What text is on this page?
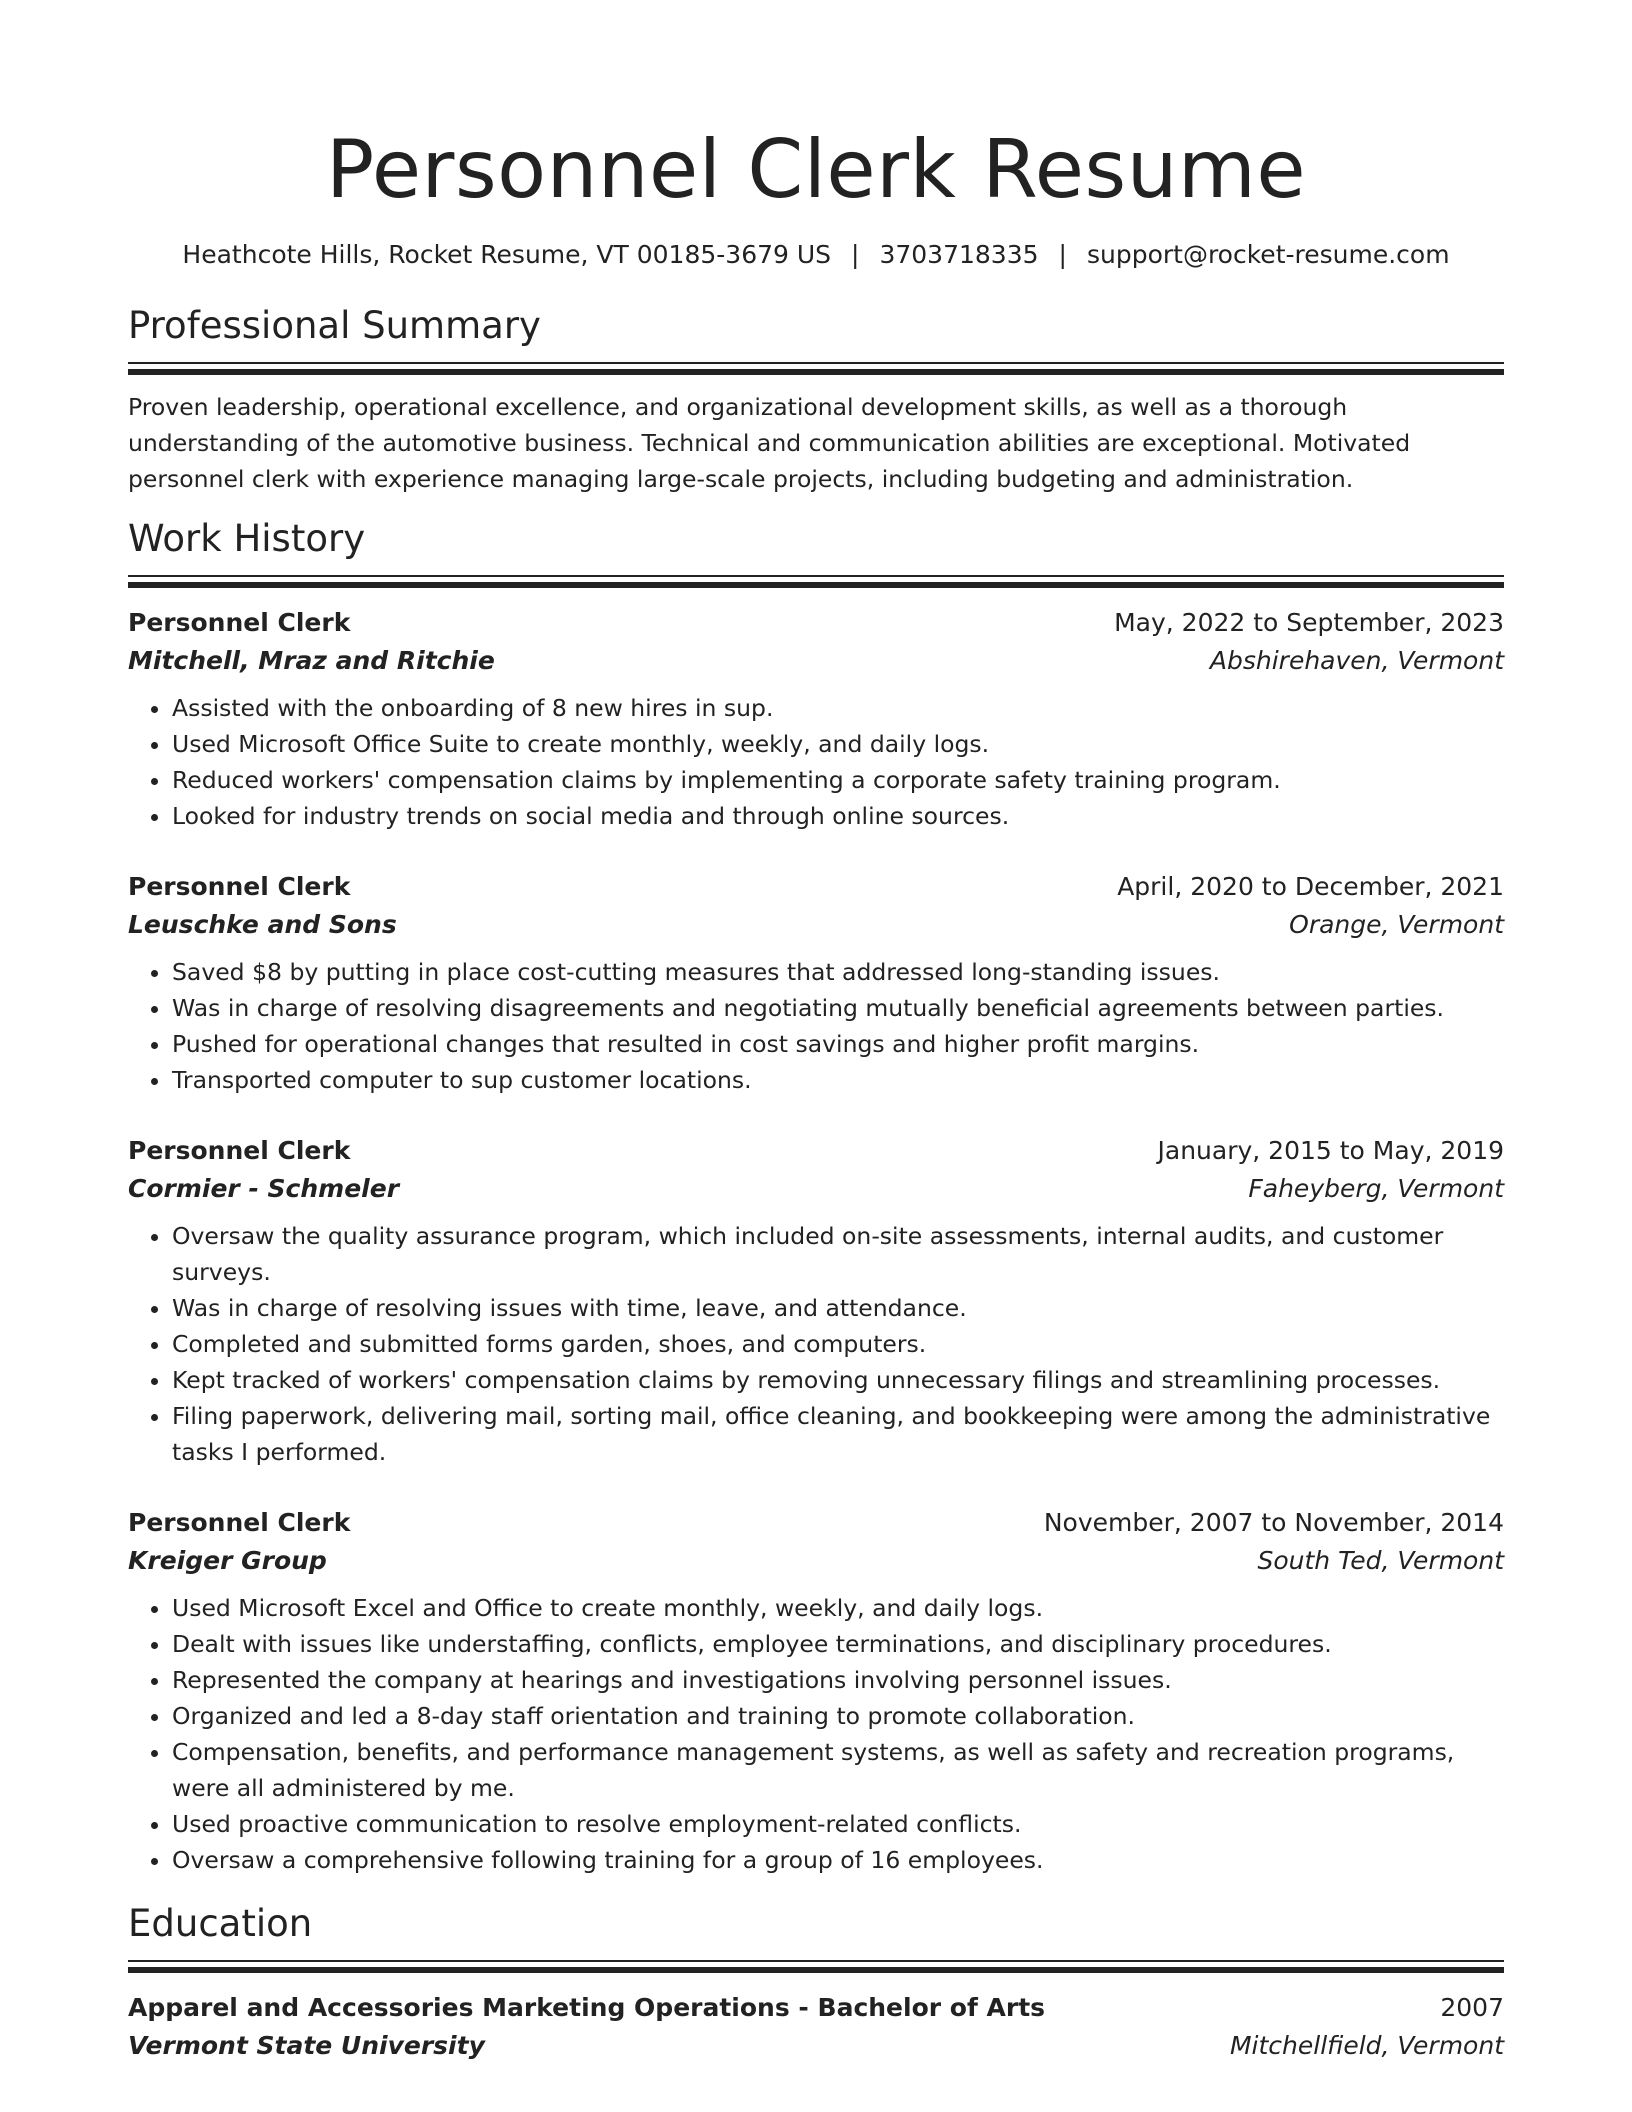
Personnel Clerk Resume
Heathcote Hills, Rocket Resume, VT 00185-3679 US | 3703718335 | support@rocket-resume.com
Professional Summary

Proven leadership, operational excellence, and organizational development skills, as well as a thorough understanding of the automotive business. Technical and communication abilities are exceptional. Motivated personnel clerk with experience managing large-scale projects, including budgeting and administration.

Work History
Personnel Clerk	May, 2022 to September, 2023
Mitchell, Mraz and Ritchie	Abshirehaven, Vermont
• Assisted with the onboarding of 8 new hires in sup.
• Used Microsoft Office Suite to create monthly, weekly, and daily logs.
• Reduced workers' compensation claims by implementing a corporate safety training program.
• Looked for industry trends on social media and through online sources.
Personnel Clerk	April, 2020 to December, 2021
Leuschke and Sons	Orange, Vermont
• Saved $8 by putting in place cost-cutting measures that addressed long-standing issues.
• Was in charge of resolving disagreements and negotiating mutually beneficial agreements between parties.
• Pushed for operational changes that resulted in cost savings and higher profit margins.
• Transported computer to sup customer locations.
Personnel Clerk	January, 2015 to May, 2019
Cormier - Schmeler	Faheyberg, Vermont
• Oversaw the quality assurance program, which included on-site assessments, internal audits, and customer surveys.
• Was in charge of resolving issues with time, leave, and attendance.
• Completed and submitted forms garden, shoes, and computers.
• Kept tracked of workers' compensation claims by removing unnecessary filings and streamlining processes.
• Filing paperwork, delivering mail, sorting mail, office cleaning, and bookkeeping were among the administrative tasks I performed.
Personnel Clerk	November, 2007 to November, 2014
Kreiger Group	South Ted, Vermont
• Used Microsoft Excel and Office to create monthly, weekly, and daily logs.
• Dealt with issues like understaffing, conflicts, employee terminations, and disciplinary procedures.
• Represented the company at hearings and investigations involving personnel issues.
• Organized and led a 8-day staff orientation and training to promote collaboration.
• Compensation, benefits, and performance management systems, as well as safety and recreation programs, were all administered by me.
• Used proactive communication to resolve employment-related conflicts.
• Oversaw a comprehensive following training for a group of 16 employees.
Education
Apparel and Accessories Marketing Operations - Bachelor of Arts	2007
Vermont State University	Mitchellfield, Vermont
